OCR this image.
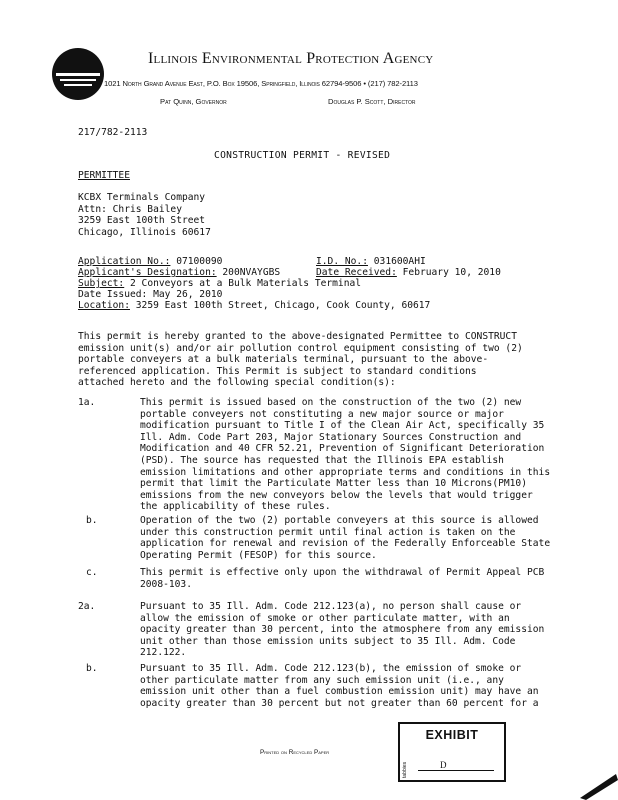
Illinois Environmental Protection Agency
1021 North Grand Avenue East, P.O. Box 19506, Springfield, Illinois 62794-9506 • (217) 782-2113
Pat Quinn, Governor	Douglas P. Scott, Director
217/782-2113
CONSTRUCTION PERMIT - REVISED
PERMITTEE
KCBX Terminals Company
Attn: Chris Bailey
3259 East 100th Street
Chicago, Illinois 60617
Application No.: 07100090	I.D. No.: 031600AHI
Applicant's Designation: 200NVAYGBS	Date Received: February 10, 2010
Subject: 2 Conveyors at a Bulk Materials Terminal
Date Issued: May 26, 2010
Location: 3259 East 100th Street, Chicago, Cook County, 60617
This permit is hereby granted to the above-designated Permittee to CONSTRUCT
emission unit(s) and/or air pollution control equipment consisting of two (2)
portable conveyers at a bulk materials terminal, pursuant to the above-
referenced application. This Permit is subject to standard conditions
attached hereto and the following special condition(s):
1a.	This permit is issued based on the construction of the two (2) new
portable conveyers not constituting a new major source or major
modification pursuant to Title I of the Clean Air Act, specifically 35
Ill. Adm. Code Part 203, Major Stationary Sources Construction and
Modification and 40 CFR 52.21, Prevention of Significant Deterioration
(PSD). The source has requested that the Illinois EPA establish
emission limitations and other appropriate terms and conditions in this
permit that limit the Particulate Matter less than 10 Microns(PM10)
emissions from the new conveyors below the levels that would trigger
the applicability of these rules.
b.	Operation of the two (2) portable conveyers at this source is allowed
under this construction permit until final action is taken on the
application for renewal and revision of the Federally Enforceable State
Operating Permit (FESOP) for this source.
c.	This permit is effective only upon the withdrawal of Permit Appeal PCB
2008-103.
2a.	Pursuant to 35 Ill. Adm. Code 212.123(a), no person shall cause or
allow the emission of smoke or other particulate matter, with an
opacity greater than 30 percent, into the atmosphere from any emission
unit other than those emission units subject to 35 Ill. Adm. Code
212.122.
b.	Pursuant to 35 Ill. Adm. Code 212.123(b), the emission of smoke or
other particulate matter from any such emission unit (i.e., any
emission unit other than a fuel combustion emission unit) may have an
opacity greater than 30 percent but not greater than 60 percent for a
Printed on Recycled Paper
EXHIBIT
tabbies	D
